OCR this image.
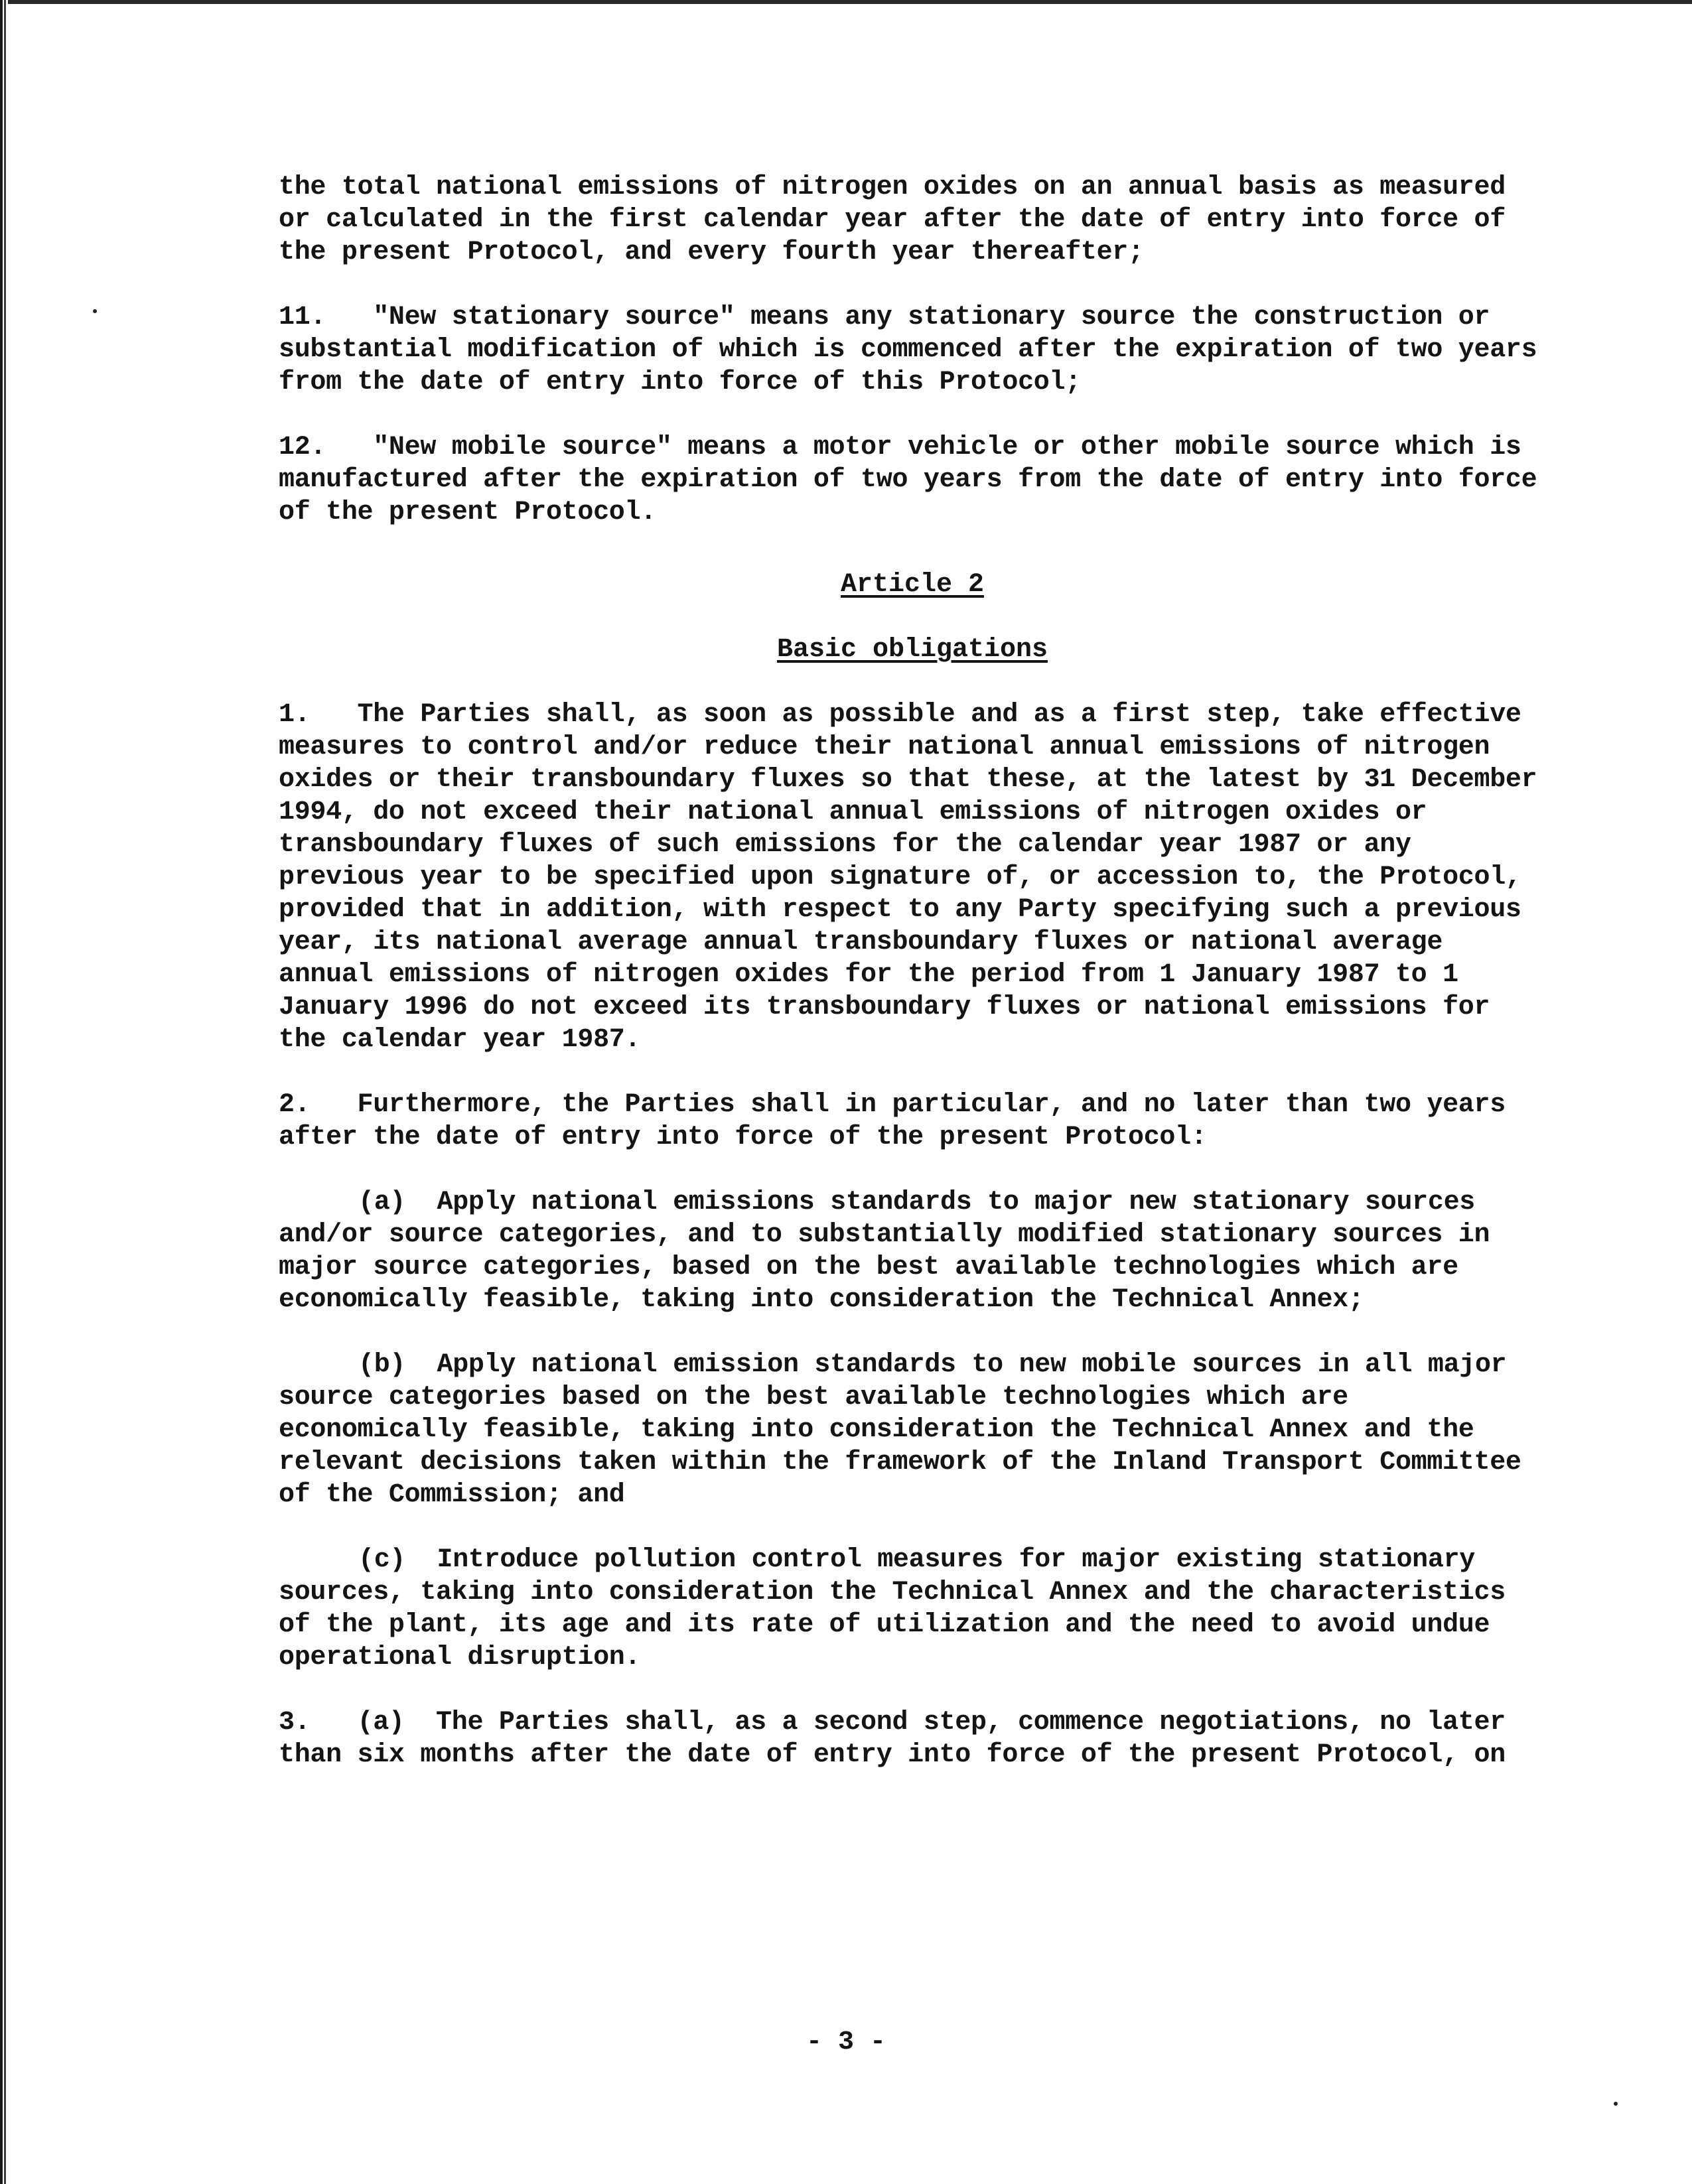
the total national emissions of nitrogen oxides on an annual basis as measured or calculated in the first calendar year after the date of entry into force of the present Protocol, and every fourth year thereafter;

11.   "New stationary source" means any stationary source the construction or substantial modification of which is commenced after the expiration of two years from the date of entry into force of this Protocol;

12.   "New mobile source" means a motor vehicle or other mobile source which is manufactured after the expiration of two years from the date of entry into force of the present Protocol.

Article 2

Basic obligations

1.   The Parties shall, as soon as possible and as a first step, take effective measures to control and/or reduce their national annual emissions of nitrogen oxides or their transboundary fluxes so that these, at the latest by 31 December 1994, do not exceed their national annual emissions of nitrogen oxides or transboundary fluxes of such emissions for the calendar year 1987 or any previous year to be specified upon signature of, or accession to, the Protocol, provided that in addition, with respect to any Party specifying such a previous year, its national average annual transboundary fluxes or national average annual emissions of nitrogen oxides for the period from 1 January 1987 to 1 January 1996 do not exceed its transboundary fluxes or national emissions for the calendar year 1987.

2.   Furthermore, the Parties shall in particular, and no later than two years after the date of entry into force of the present Protocol:

(a)  Apply national emissions standards to major new stationary sources and/or source categories, and to substantially modified stationary sources in major source categories, based on the best available technologies which are economically feasible, taking into consideration the Technical Annex;

(b)  Apply national emission standards to new mobile sources in all major source categories based on the best available technologies which are economically feasible, taking into consideration the Technical Annex and the relevant decisions taken within the framework of the Inland Transport Committee of the Commission; and

(c)  Introduce pollution control measures for major existing stationary sources, taking into consideration the Technical Annex and the characteristics of the plant, its age and its rate of utilization and the need to avoid undue operational disruption.

3.   (a)  The Parties shall, as a second step, commence negotiations, no later than six months after the date of entry into force of the present Protocol, on

- 3 -
